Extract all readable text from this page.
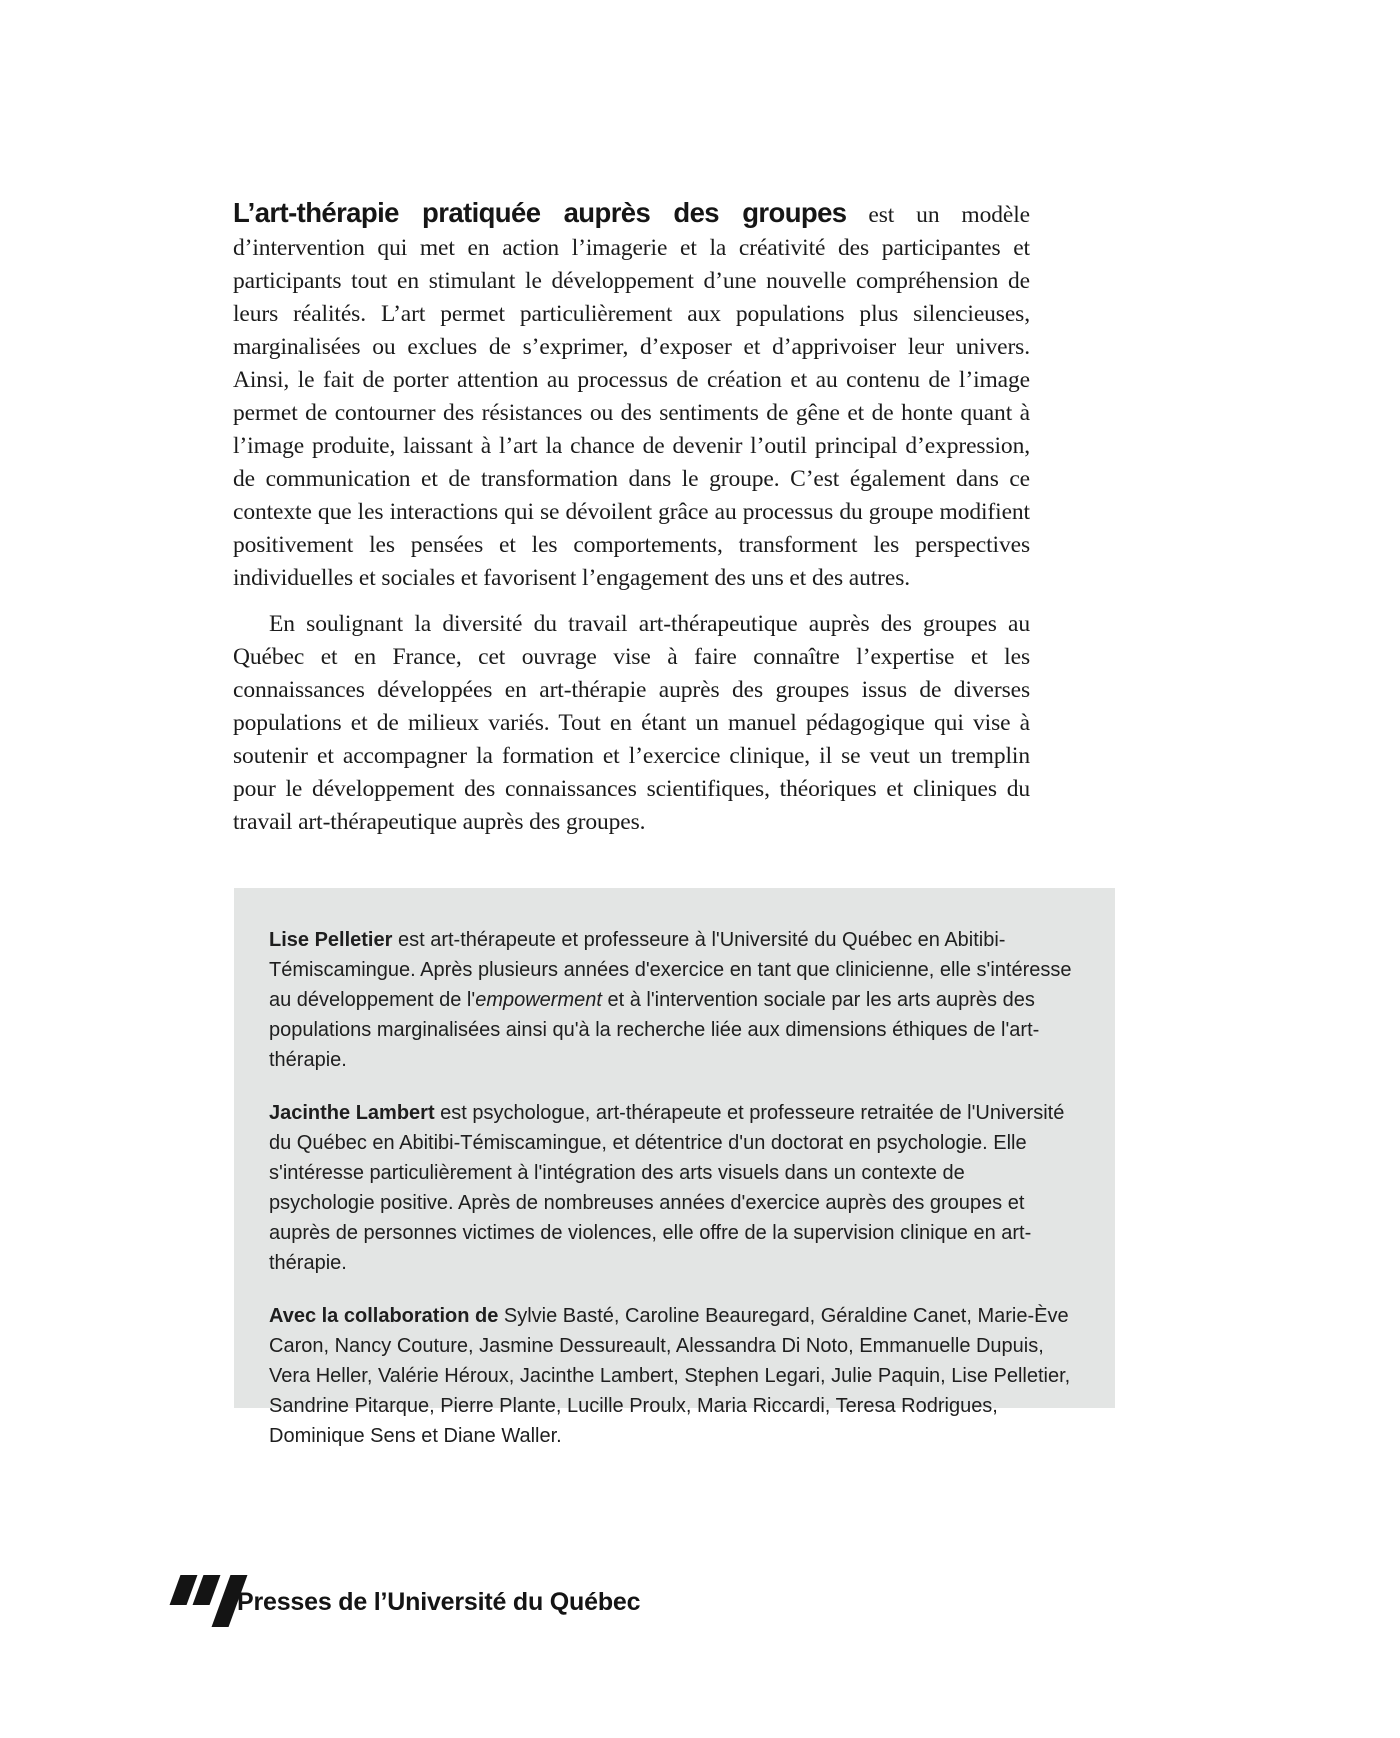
L’art-thérapie pratiquée auprès des groupes est un modèle d’intervention qui met en action l’imagerie et la créativité des participantes et participants tout en stimulant le développement d’une nouvelle compréhension de leurs réalités. L’art permet particulièrement aux populations plus silencieuses, marginalisées ou exclues de s’exprimer, d’exposer et d’apprivoiser leur univers. Ainsi, le fait de porter attention au processus de création et au contenu de l’image permet de contourner des résistances ou des sentiments de gêne et de honte quant à l’image produite, laissant à l’art la chance de devenir l’outil principal d’expression, de communication et de transformation dans le groupe. C’est également dans ce contexte que les interactions qui se dévoilent grâce au processus du groupe modifient positivement les pensées et les comportements, transforment les perspectives individuelles et sociales et favorisent l’engagement des uns et des autres.

En soulignant la diversité du travail art-thérapeutique auprès des groupes au Québec et en France, cet ouvrage vise à faire connaître l’expertise et les connaissances développées en art-thérapie auprès des groupes issus de diverses populations et de milieux variés. Tout en étant un manuel pédagogique qui vise à soutenir et accompagner la formation et l’exercice clinique, il se veut un tremplin pour le développement des connaissances scientifiques, théoriques et cliniques du travail art-thérapeutique auprès des groupes.

Lise Pelletier est art-thérapeute et professeure à l'Université du Québec en Abitibi-Témiscamingue. Après plusieurs années d'exercice en tant que clinicienne, elle s'intéresse au développement de l'empowerment et à l'intervention sociale par les arts auprès des populations marginalisées ainsi qu'à la recherche liée aux dimensions éthiques de l'art-thérapie.

Jacinthe Lambert est psychologue, art-thérapeute et professeure retraitée de l'Université du Québec en Abitibi-Témiscamingue, et détentrice d'un doctorat en psychologie. Elle s'intéresse particulièrement à l'intégration des arts visuels dans un contexte de psychologie positive. Après de nombreuses années d'exercice auprès des groupes et auprès de personnes victimes de violences, elle offre de la supervision clinique en art-thérapie.

Avec la collaboration de Sylvie Basté, Caroline Beauregard, Géraldine Canet, Marie-Ève Caron, Nancy Couture, Jasmine Dessureault, Alessandra Di Noto, Emmanuelle Dupuis, Vera Heller, Valérie Héroux, Jacinthe Lambert, Stephen Legari, Julie Paquin, Lise Pelletier, Sandrine Pitarque, Pierre Plante, Lucille Proulx, Maria Riccardi, Teresa Rodrigues, Dominique Sens et Diane Waller.

Presses de l’Université du Québec
